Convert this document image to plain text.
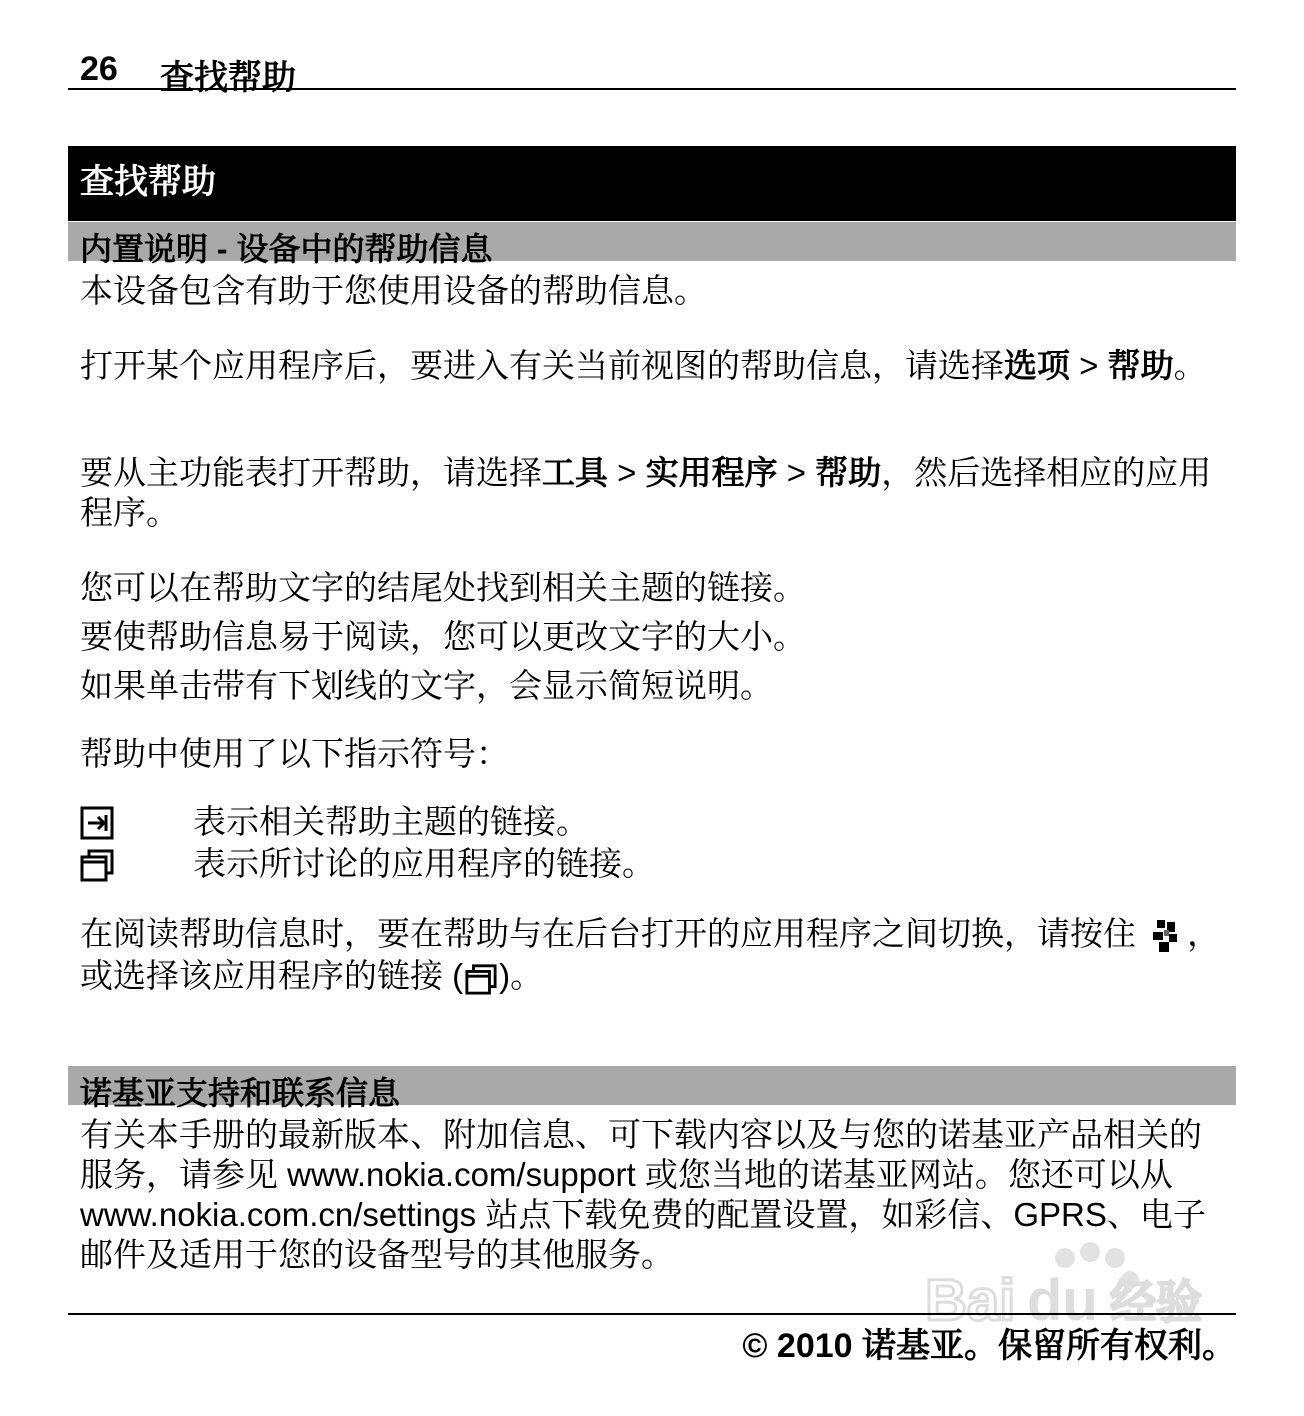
26 查找帮助
查找帮助
内置说明 - 设备中的帮助信息
本设备包含有助于您使用设备的帮助信息。
打开某个应用程序后，要进入有关当前视图的帮助信息，请选择选项 > 帮助。
要从主功能表打开帮助，请选择工具 > 实用程序 > 帮助，然后选择相应的应用程序。
您可以在帮助文字的结尾处找到相关主题的链接。
要使帮助信息易于阅读，您可以更改文字的大小。
如果单击带有下划线的文字，会显示简短说明。
帮助中使用了以下指示符号：
表示相关帮助主题的链接。
表示所讨论的应用程序的链接。
在阅读帮助信息时，要在帮助与在后台打开的应用程序之间切换，请按住 ，或选择该应用程序的链接 ( )。
诺基亚支持和联系信息
有关本手册的最新版本、附加信息、可下载内容以及与您的诺基亚产品相关的服务，请参见 www.nokia.com/support 或您当地的诺基亚网站。您还可以从 www.nokia.com.cn/settings 站点下载免费的配置设置，如彩信、GPRS、电子邮件及适用于您的设备型号的其他服务。
Bai du 经验
© 2010 诺基亚。保留所有权利。
